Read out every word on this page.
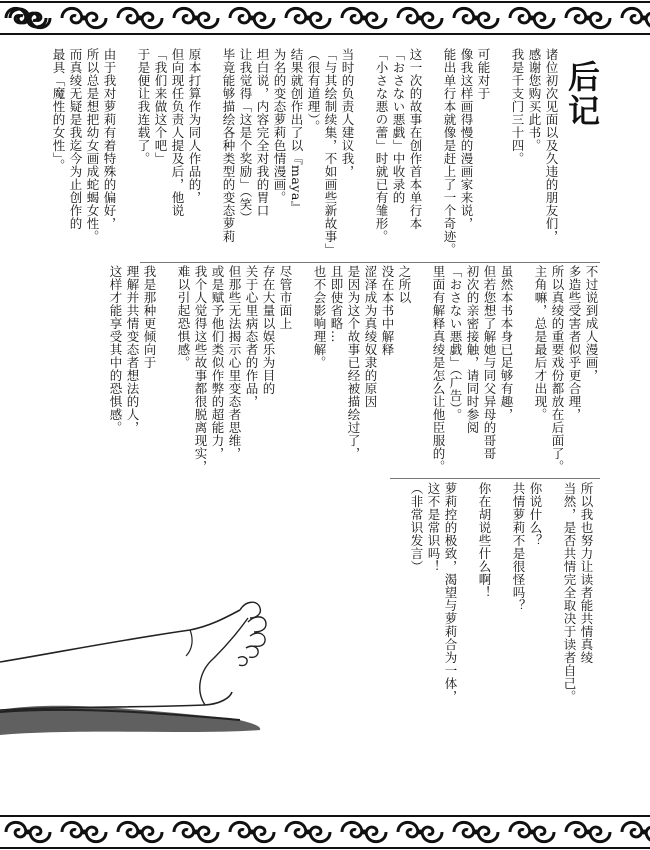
后记
诸位初次见面以及久违的朋友们，
感谢您购买此书。
我是千支门三十四。

可能对于
像我这样画得慢的漫画家来说，
能出单行本就像是赶上了一个奇迹。

这一次的故事在创作首本单行本
「おさない悪戯」中收录的
「小さな悪の蕾」时就已有雏形。

当时的负责人建议我，
「与其绘制续集，不如画些新故事」
（很有道理）。
结果就创作出了以『maya』
为名的变态萝莉色情漫画。
坦白说，内容完全对我的胃口
让我觉得「这是个奖励」（笑）
毕竟能够描绘各种类型的变态萝莉

原本打算作为同人作品的，
但向现任负责人提及后，他说
「我们来做这个吧」
于是便让我连载了。

由于我对萝莉有着特殊的偏好，
所以总是想把幼女画成蛇蝎女性。
而真绫无疑是我迄今为止创作的
最具「魔性的女性」。

不过说到成人漫画，
多造些受害者似乎更合理，
所以真绫的重要戏份都放在后面了。
主角嘛，总是最后才出现。

虽然本书本身已足够有趣，
但若您想了解她与同父异母的哥哥
初次的亲密接触，请同时参阅
「おさない悪戯」（广告）。
里面有解释真绫是怎么让他臣服的。

之所以
没在本书中解释
涩泽成为真绫奴隶的原因
是因为这个故事已经被描绘过了，
且即使省略…
也不会影响理解。

尽管市面上
存在大量以娱乐为目的
关于心里病态者的作品，
但那些无法揭示心里变态者思维，
或是赋予他们类似作弊的超能力，
我个人觉得这些故事都很脱离现实，
难以引起恐惧感。

我是那种更倾向于
理解并共情变态者想法的人，
这样才能享受其中的恐惧感。

所以我也努力让读者能共情真绫
当然，是否共情完全取决于读者自己。

你说什么？
共情萝莉不是很怪吗？

你在胡说些什么啊！

萝莉控的极致，渴望与萝莉合为一体，
这不是常识吗！
（非常识发言）
